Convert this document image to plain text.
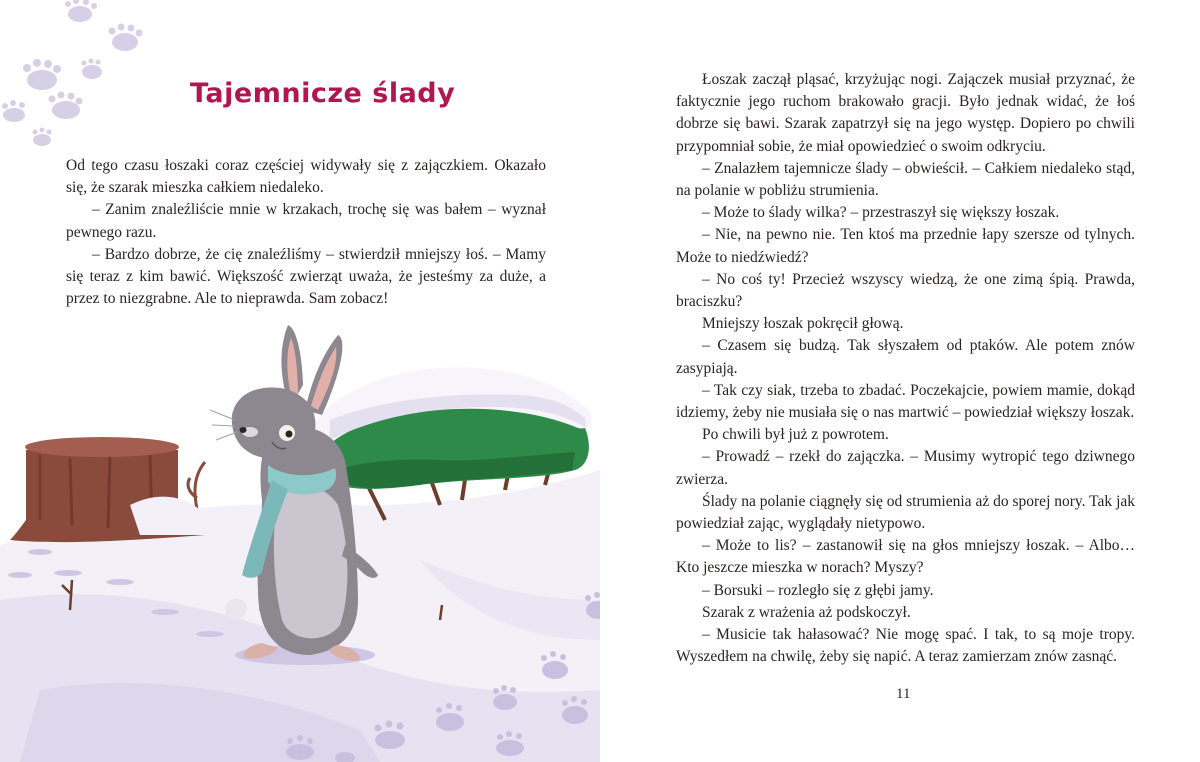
Tajemnicze ślady

Od tego czasu łoszaki coraz częściej widywały się z zajączkiem. Okazało się, że szarak mieszka całkiem niedaleko.

– Zanim znaleźliście mnie w krzakach, trochę się was bałem – wyznał pewnego razu.

– Bardzo dobrze, że cię znaleźliśmy – stwierdził mniejszy łoś. – Mamy się teraz z kim bawić. Większość zwierząt uważa, że jesteśmy za duże, a przez to niezgrabne. Ale to nieprawda. Sam zobacz!

Łoszak zaczął pląsać, krzyżując nogi. Zajączek musiał przyznać, że faktycznie jego ruchom brakowało gracji. Było jednak widać, że łoś dobrze się bawi. Szarak zapatrzył się na jego występ. Dopiero po chwili przypomniał sobie, że miał opowiedzieć o swoim odkryciu.

– Znalazłem tajemnicze ślady – obwieścił. – Całkiem niedaleko stąd, na polanie w pobliżu strumienia.

– Może to ślady wilka? – przestraszył się większy łoszak.

– Nie, na pewno nie. Ten ktoś ma przednie łapy szersze od tylnych. Może to niedźwiedź?

– No coś ty! Przecież wszyscy wiedzą, że one zimą śpią. Prawda, braciszku?

Mniejszy łoszak pokręcił głową.

– Czasem się budzą. Tak słyszałem od ptaków. Ale potem znów zasypiają.

– Tak czy siak, trzeba to zbadać. Poczekajcie, powiem mamie, dokąd idziemy, żeby nie musiała się o nas martwić – powiedział większy łoszak.

Po chwili był już z powrotem.

– Prowadź – rzekł do zajączka. – Musimy wytropić tego dziwnego zwierza.

Ślady na polanie ciągnęły się od strumienia aż do sporej nory. Tak jak powiedział zając, wyglądały nietypowo.

– Może to lis? – zastanowił się na głos mniejszy łoszak. – Albo… Kto jeszcze mieszka w norach? Myszy?

– Borsuki – rozległo się z głębi jamy.

Szarak z wrażenia aż podskoczył.

– Musicie tak hałasować? Nie mogę spać. I tak, to są moje tropy. Wyszedłem na chwilę, żeby się napić. A teraz zamierzam znów zasnąć.

11
